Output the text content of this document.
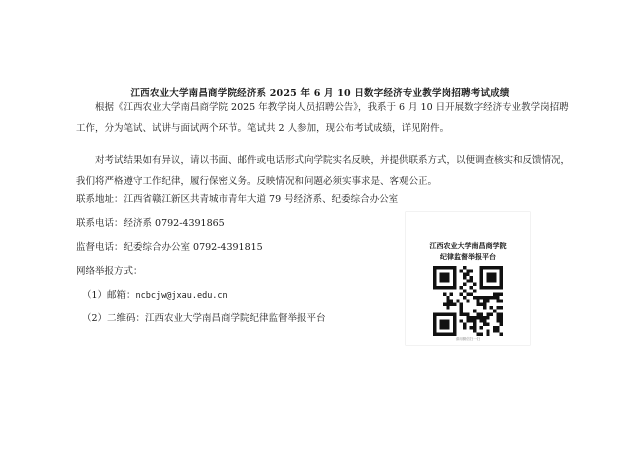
江西农业大学南昌商学院经济系 2025 年 6 月 10 日数字经济专业教学岗招聘考试成绩
根据《江西农业大学南昌商学院 2025 年教学岗人员招聘公告》，我系于 6 月 10 日开展数字经济专业教学岗招聘工作，分为笔试、试讲与面试两个环节。笔试共 2 人参加，现公布考试成绩，详见附件。
对考试结果如有异议，请以书面、邮件或电话形式向学院实名反映，并提供联系方式，以便调查核实和反馈情况，我们将严格遵守工作纪律，履行保密义务。反映情况和问题必须实事求是、客观公正。
联系地址：江西省赣江新区共青城市青年大道 79 号经济系、纪委综合办公室
联系电话：经济系 0792-4391865
监督电话：纪委综合办公室 0792-4391815
网络举报方式：
（1）邮箱：ncbcjw@jxau.edu.cn
（2）二维码：江西农业大学南昌商学院纪律监督举报平台
江西农业大学南昌商学院
纪律监督举报平台
请用微信扫一扫
